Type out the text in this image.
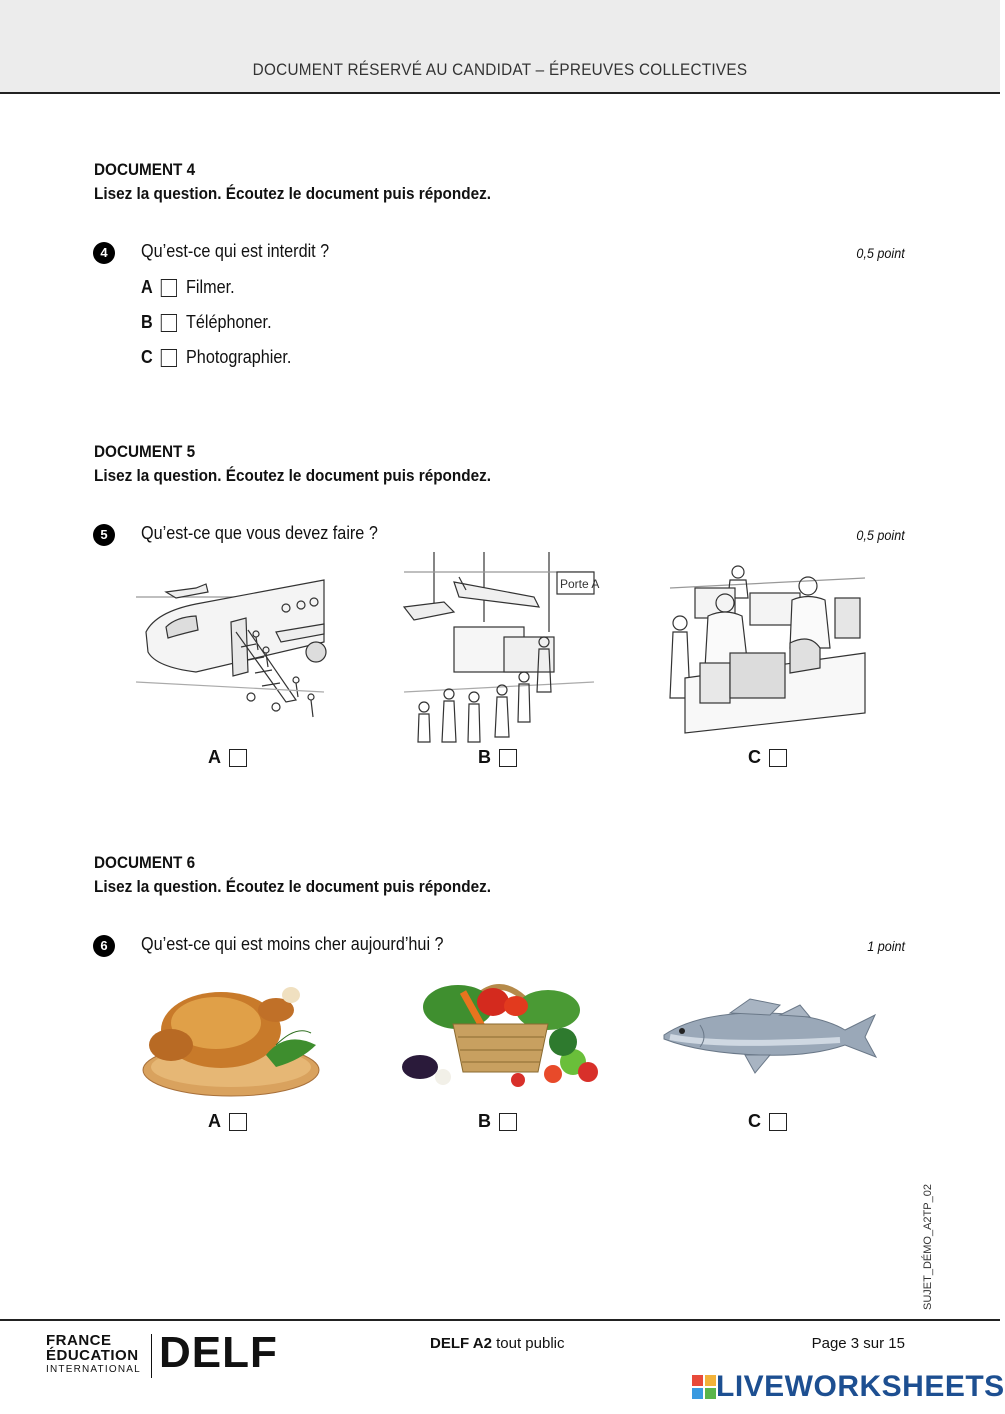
DOCUMENT RÉSERVÉ AU CANDIDAT – ÉPREUVES COLLECTIVES
DOCUMENT 4
Lisez la question. Écoutez le document puis répondez.
4	Qu’est-ce qui est interdit ?	0,5 point
A	Filmer.
B	Téléphoner.
C	Photographier.
DOCUMENT 5
Lisez la question. Écoutez le document puis répondez.
5	Qu’est-ce que vous devez faire ?	0,5 point
A
Porte A
B	C
DOCUMENT 6
Lisez la question. Écoutez le document puis répondez.
6	Qu’est-ce qui est moins cher aujourd’hui ?	1 point
A	B	C
SUJET_DÉMO_A2TP_02
FRANCE
ÉDUCATION
INTERNATIONAL DELF	DELF A2 tout public	Page 3 sur 15
LIVEWORKSHEETS
